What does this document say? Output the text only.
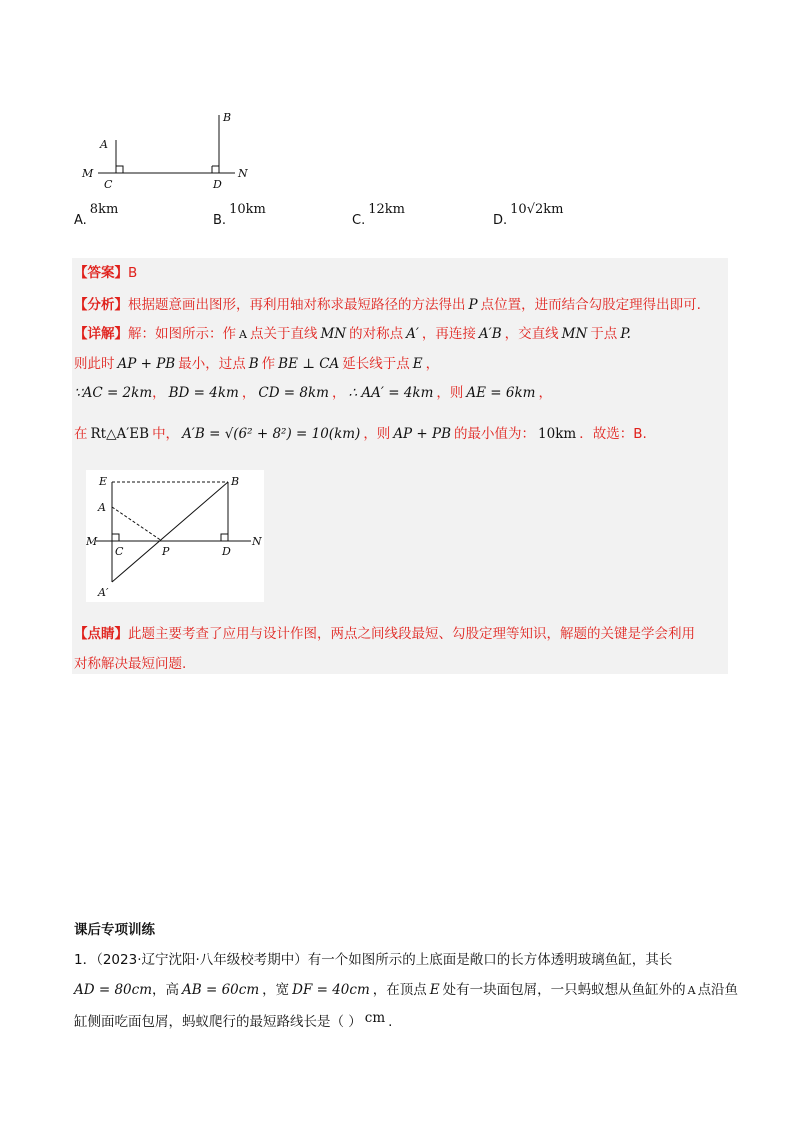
A
B
M
C	D
N
A.
8km
B.
10km
C.
12km
D.
10√2km
【答案】B
【分析】根据题意画出图形，再利用轴对称求最短路径的方法得出 P 点位置，进而结合勾股定理得出即可.
【详解】解：如图所示：作 A 点关于直线 MN 的对称点 A′ ，再连接 A′B ，交直线 MN 于点 P.
则此时 AP + PB 最小，过点 B 作 BE ⊥ CA 延长线于点 E ，
∵AC = 2km， BD = 4km ， CD = 8km ， ∴ AA′ = 4km ，则 AE = 6km ，
在 Rt△A′EB 中， A′B = √(6² + 8²) = 10(km) ，则 AP + PB 的最小值为： 10km ．故选：B.
E	B
A
M
C	P	D
N
A′
【点睛】此题主要考查了应用与设计作图，两点之间线段最短、勾股定理等知识，解题的关键是学会利用
对称解决最短问题.
课后专项训练
1．（2023·辽宁沈阳·八年级校考期中）有一个如图所示的上底面是敞口的长方体透明玻璃鱼缸，其长
AD = 80cm，高 AB = 60cm ，宽 DF = 40cm ，在顶点 E 处有一块面包屑，一只蚂蚁想从鱼缸外的 A 点沿鱼
缸侧面吃面包屑，蚂蚁爬行的最短路线长是（ ） cm .
